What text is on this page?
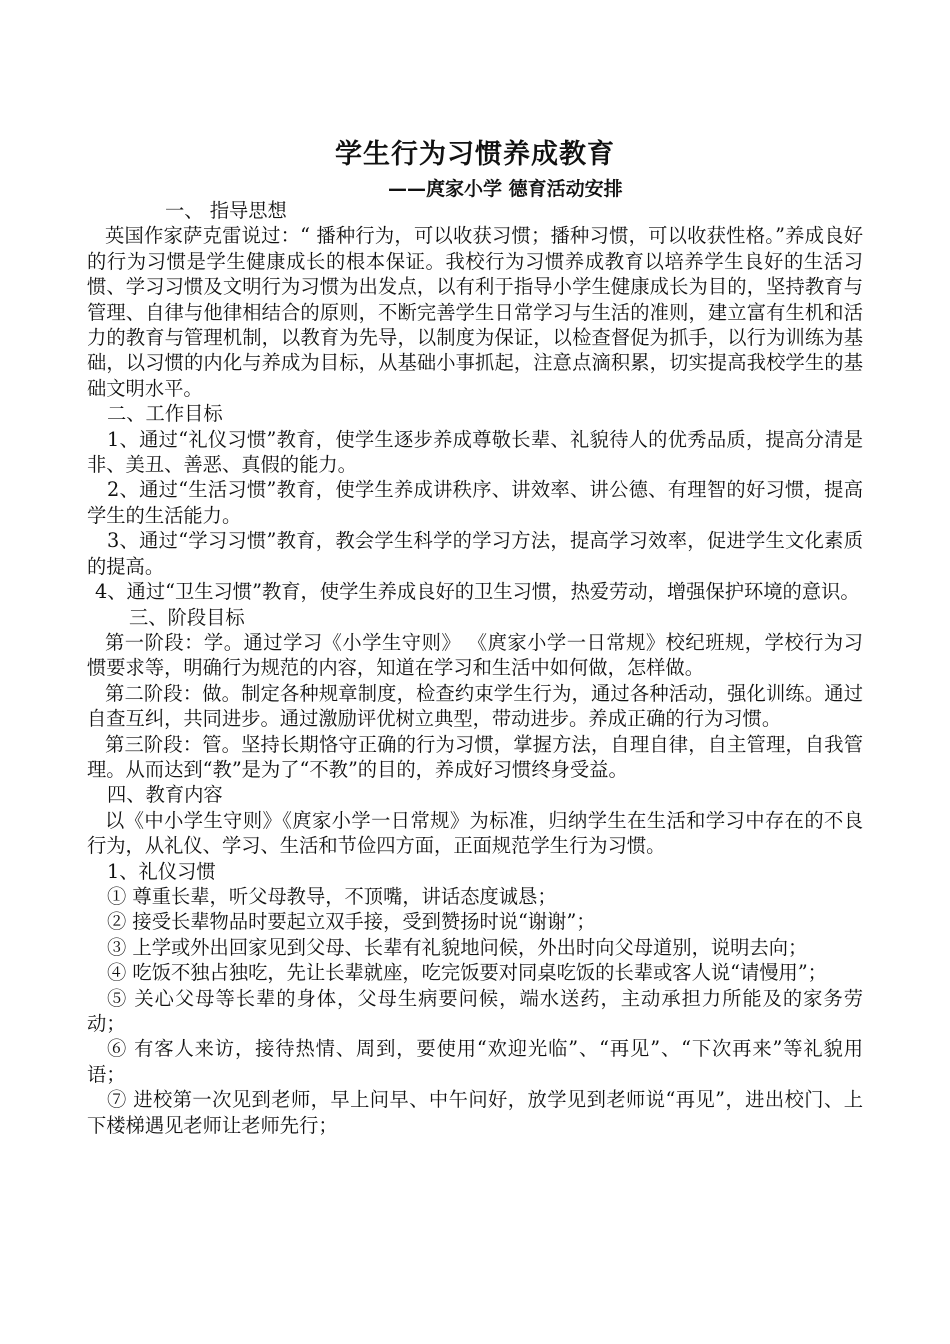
学生行为习惯养成教育
——庹家小学 德育活动安排

一、 指导思想

英国作家萨克雷说过：“ 播种行为，可以收获习惯；播种习惯，可以收获性格。”养成良好的行为习惯是学生健康成长的根本保证。我校行为习惯养成教育以培养学生良好的生活习惯、学习习惯及文明行为习惯为出发点，以有利于指导小学生健康成长为目的，坚持教育与管理、自律与他律相结合的原则，不断完善学生日常学习与生活的准则，建立富有生机和活力的教育与管理机制，以教育为先导，以制度为保证，以检查督促为抓手，以行为训练为基础，以习惯的内化与养成为目标，从基础小事抓起，注意点滴积累，切实提高我校学生的基础文明水平。

二、工作目标

1、通过“礼仪习惯”教育，使学生逐步养成尊敬长辈、礼貌待人的优秀品质，提高分清是非、美丑、善恶、真假的能力。

2、通过“生活习惯”教育，使学生养成讲秩序、讲效率、讲公德、有理智的好习惯，提高学生的生活能力。

3、通过“学习习惯”教育，教会学生科学的学习方法，提高学习效率，促进学生文化素质的提高。

4、通过“卫生习惯”教育，使学生养成良好的卫生习惯，热爱劳动，增强保护环境的意识。

三、阶段目标

第一阶段：学。通过学习《小学生守则》 《庹家小学一日常规》校纪班规，学校行为习惯要求等，明确行为规范的内容，知道在学习和生活中如何做，怎样做。

第二阶段：做。制定各种规章制度，检查约束学生行为，通过各种活动，强化训练。通过自查互纠，共同进步。通过激励评优树立典型，带动进步。养成正确的行为习惯。

第三阶段：管。坚持长期恪守正确的行为习惯，掌握方法，自理自律，自主管理，自我管理。从而达到“教”是为了“不教”的目的，养成好习惯终身受益。

四、教育内容

以《中小学生守则》《庹家小学一日常规》为标准，归纳学生在生活和学习中存在的不良行为，从礼仪、学习、生活和节俭四方面，正面规范学生行为习惯。

1、礼仪习惯

① 尊重长辈，听父母教导，不顶嘴，讲话态度诚恳；

② 接受长辈物品时要起立双手接，受到赞扬时说“谢谢”；

③ 上学或外出回家见到父母、长辈有礼貌地问候，外出时向父母道别，说明去向；

④ 吃饭不独占独吃，先让长辈就座，吃完饭要对同桌吃饭的长辈或客人说“请慢用”；

⑤ 关心父母等长辈的身体，父母生病要问候，端水送药，主动承担力所能及的家务劳动；

⑥ 有客人来访，接待热情、周到，要使用“欢迎光临”、“再见”、“下次再来”等礼貌用语；

⑦ 进校第一次见到老师，早上问早、中午问好，放学见到老师说“再见”，进出校门、上下楼梯遇见老师让老师先行；
